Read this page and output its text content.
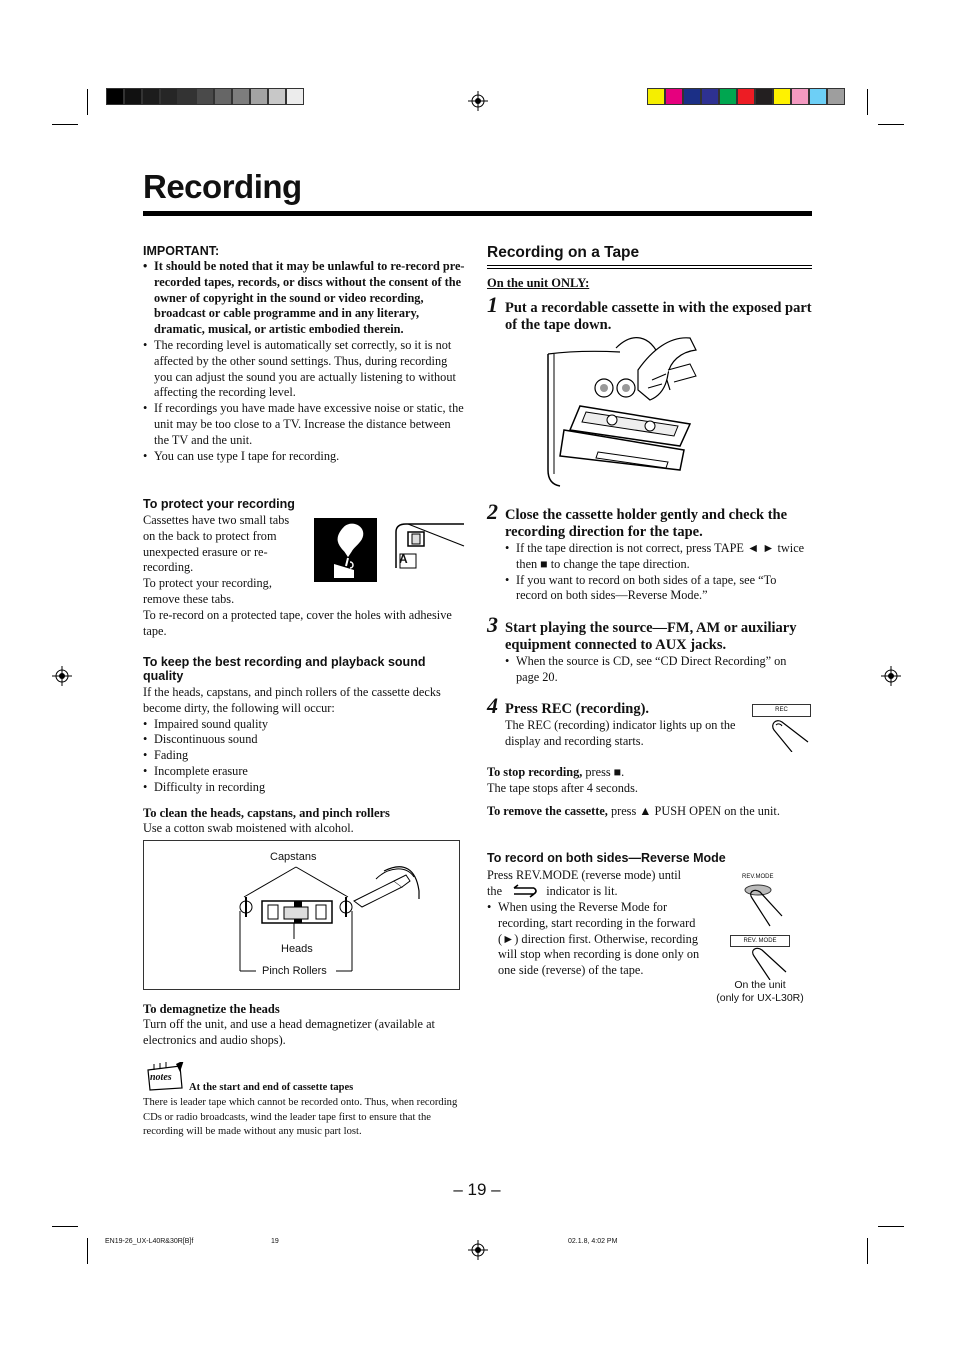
Recording
IMPORTANT:
• It should be noted that it may be unlawful to re-record pre-recorded tapes, records, or discs without the consent of the owner of copyright in the sound or video recording, broadcast or cable programme and in any literary, dramatic, musical, or artistic embodied therein.
• The recording level is automatically set correctly, so it is not affected by the other sound settings. Thus, during recording you can adjust the sound you are actually listening to without affecting the recording level.
• If recordings you have made have excessive noise or static, the unit may be too close to a TV. Increase the distance between the TV and the unit.
• You can use type I tape for recording.
To protect your recording
Cassettes have two small tabs on the back to protect from unexpected erasure or re-recording.
To protect your recording, remove these tabs.
To re-record on a protected tape, cover the holes with adhesive tape.
A
To keep the best recording and playback sound quality
If the heads, capstans, and pinch rollers of the cassette decks become dirty, the following will occur:
• Impaired sound quality
• Discontinuous sound
• Fading
• Incomplete erasure
• Difficulty in recording
To clean the heads, capstans, and pinch rollers
Use a cotton swab moistened with alcohol.
Capstans
Heads
Pinch Rollers
To demagnetize the heads
Turn off the unit, and use a head demagnetizer (available at electronics and audio shops).
notes
At the start and end of cassette tapes
There is leader tape which cannot be recorded onto. Thus, when recording CDs or radio broadcasts, wind the leader tape first to ensure that the recording will be made without any music part lost.
Recording on a Tape
On the unit ONLY:
1 Put a recordable cassette in with the exposed part of the tape down.
2 Close the cassette holder gently and check the recording direction for the tape.
• If the tape direction is not correct, press TAPE ◄ ► twice then ■ to change the tape direction.
• If you want to record on both sides of a tape, see “To record on both sides—Reverse Mode.”
3 Start playing the source—FM, AM or auxiliary equipment connected to AUX jacks.
• When the source is CD, see “CD Direct Recording” on page 20.
4 Press REC (recording).
The REC (recording) indicator lights up on the display and recording starts.
REC
To stop recording, press ■.
The tape stops after 4 seconds.
To remove the cassette, press ▲ PUSH OPEN on the unit.
To record on both sides—Reverse Mode
Press REV.MODE (reverse mode) until
the	indicator is lit.
• When using the Reverse Mode for recording, start recording in the forward (►) direction first. Otherwise, recording will stop when recording is done only on one side (reverse) of the tape.
REV.MODE
REV. MODE
On the unit
(only for UX-L30R)
– 19 –
EN19-26_UX-L40R&30R[B]f	19	02.1.8, 4:02 PM
